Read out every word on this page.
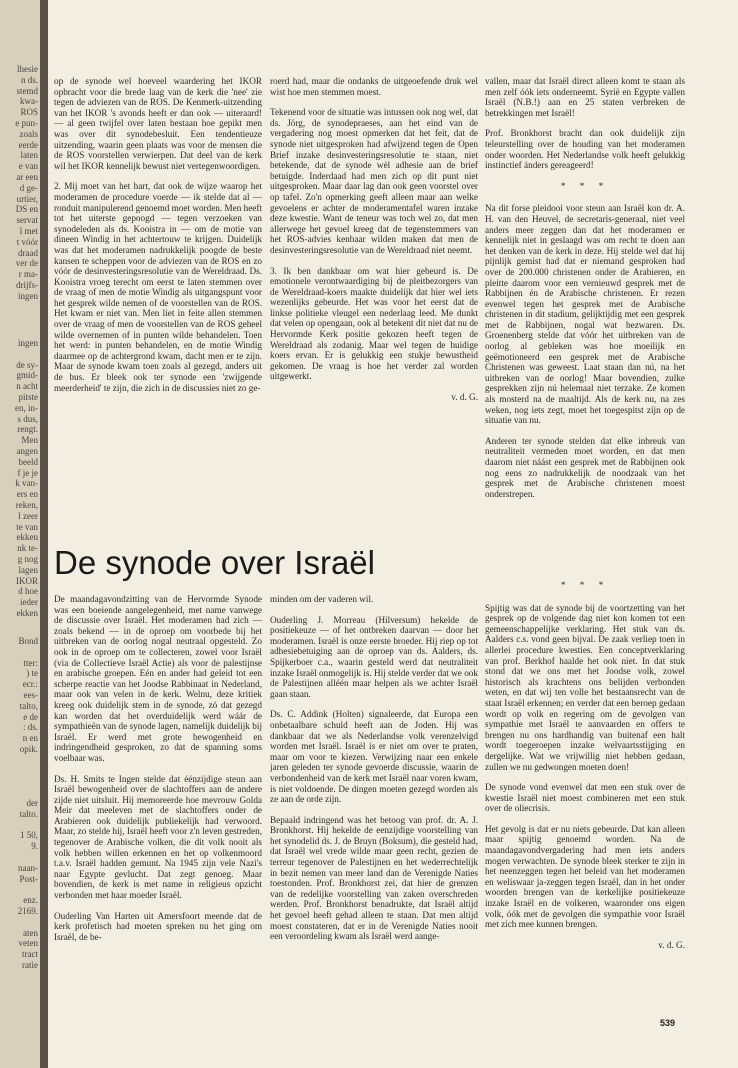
lhesie
n ds.
stemd
kwa-
ROS
e pun-
zoals
eerde
laten
e van
ar een
d ge-
urtier,
DS en
servat
l met
t vóór
draad
ver de
r ma-
drijfs-
ingen
ingen

de sy-
gmid-
n acht
pitste
en, in-
s dus,
rengt.
Men
angen
beeld
f je je
k van-
ers en
reken,
l zeer
te van
ekken
nk te-
g nog
lagen
IKOR
d hoe
ieder
ekken
Bond

tter:
) te
ecr.:
ees-
talto,
e de
: ds.
n en
opik.

der
talto.

1 50,
9.

naan-
Post-

enz.
2169.

aten
veten
tract
ratie

op de synode wel hoeveel waardering het IKOR opbracht voor die brede laag van de kerk die 'nee' zie tegen de adviezen van de ROS. De Kenmerk-uitzending van het IKOR 's avonds heeft er dan ook — uiteraard! — al geen twijfel over laten bestaan hoe gepikt men was over dit synodebesluit. Een tendentieuze uitzending, waarin geen plaats was voor de mensen die de ROS voorstellen verwierpen. Dat deel van de kerk wil het IKOR kennelijk bewust niet vertegenwoordigen.

2. Mij moet van het hart, dat ook de wijze waarop het moderamen de procedure voerde — ik stelde dat al — ronduit manipulerend genoemd moet worden. Men heeft tot het uiterste gepoogd — tegen verzoeken van synodeleden als ds. Kooistra in — om de motie van dineen Windig in het achtertouw te krijgen. Duidelijk was dat het moderamen nadrukkelijk poogde de beste kansen te scheppen voor de adviezen van de ROS en zo vóór de desinvesteringsresolutie van de Wereldraad. Ds. Kooistra vroeg terecht om eerst te laten stemmen over de vraag of men de motie Windig als uitgangspunt voor het gesprek wilde nemen of de voorstellen van de ROS. Het kwam er niet van. Men liet in feite allen stemmen over de vraag of men de voorstellen van de ROS geheel wilde overnemen of in punten wilde behandelen. Toen het werd: in punten behandelen, en de motie Windig daarmee op de achtergrond kwam, dacht men er te zijn. Maar de synode kwam toen zoals al gezegd, anders uit de bus. Er bleek ook ter synode een 'zwijgende meerderheid' te zijn, die zich in de discussies niet zo ge-

roerd had, maar die ondanks de uitgeoefende druk wel wist hoe men stemmen moest.

Tekenend voor de situatie was intussen ook nog wel, dat ds. Jörg, de synodepraeses, aan het eind van de vergadering nog moest opmerken dat het feit, dat de synode niet uitgesproken had afwijzend tegen de Open Brief inzake desinvesteringsresolutie te staan, niet betekende, dat de synode wèl adhesie aan de brief betuigde. Inderdaad had men zich op dit punt niet uitgesproken. Maar daar lag dan ook geen voorstel over op tafel. Zo'n opmerking geeft alleen maar aan welke gevoelens er achter de moderamentafel waren inzake deze kwestie. Want de teneur was toch wel zo, dat men allerwege het gevoel kreeg dat de tegenstemmers van het ROS-advies kenbaar wilden maken dat men de desinvesteringsresolutie van de Wereldraad niet neemt.

3. Ik ben dankbaar om wat hier gebeurd is. De emotionele verontwaardiging bij de pleitbezorgers van de Wereldraad-koers maakte duidelijk dat hier wel iets wezenlijks gebeurde. Het was voor het eerst dat de linkse politieke vleugel een nederlaag leed. Me dunkt dat velen op opengaan, ook al betekent dit niet dat nu de Hervormde Kerk positie gekozen heeft tegen de Wereldraad als zodanig. Maar wel tegen de huidige koers ervan. Er is gelukkig een stukje bewustheid gekomen. De vraag is hoe het verder zal worden uitgewerkt.

v. d. G.

vallen, maar dat Israël direct alleen komt te staan als men zelf óók iets onderneemt. Syrië en Egypte vallen Israël (N.B.!) aan en 25 staten verbreken de betrekkingen met Israël!

Prof. Bronkhorst bracht dan ook duidelijk zijn teleurstelling over de houding van het moderamen onder woorden. Het Nederlandse volk heeft gelukkig instinctief ánders gereageerd!

* * *

Na dit forse pleidooi voor steun aan Israël kon dr. A. H. van den Heuvel, de secretaris-generaal, niet veel anders meer zeggen dan dat het moderamen er kennelijk niet in geslaagd was om recht te doen aan het denken van de kerk in deze. Hij stelde wel dat hij pijnlijk gemist had dat er niemand gesproken had over de 200.000 christenen onder de Arabieren, en pleitte daarom voor een vernieuwd gesprek met de Rabbijnen én de Arabische christenen. Er rezen evenwel tegen het gesprek met de Arabische christenen in dit stadium, gelijktijdig met een gesprek met de Rabbijnen, nogal wat bezwaren. Ds. Groenenberg stelde dat vóór het uitbreken van de oorlog al gebleken was hoe moeilijk en geëmotioneerd een gesprek met de Arabische Christenen was geweest. Laat staan dan nú, na het uitbreken van de oorlog! Maar bovendien, zulke gesprekken zijn nú helemaal niet terzake. Ze komen als mosterd na de maaltijd. Als de kerk nu, na zes weken, nog iets zegt, moet het toegespitst zijn op de situatie van nu.

Anderen ter synode stelden dat elke inbreuk van neutraliteit vermeden moet worden, en dat men daarom niet náást een gesprek met de Rabbijnen ook nog eens zo nadrukkelijk de noodzaak van het gesprek met de Arabische christenen moest onderstrepen.

De synode over Israël

De maandagavondzitting van de Hervormde Synode was een boeiende aangelegenheid, met name vanwege de discussie over Israël. Het moderamen had zich — zoals bekend — in de oproep om voorbede bij het uitbreken van de oorlog nogal neutraal opgesteld. Zo ook in de oproep om te collecteren, zowel voor Israël (via de Collectieve Israël Actie) als voor de palestijnse en arabische groepen. Eén en ander had geleid tot een scherpe reactie van het Joodse Rabbinaat in Nederland, maar ook van velen in de kerk. Welnu, deze kritiek kreeg ook duidelijk stem in de synode, zó dat gezegd kan worden dat het overduidelijk werd wáár de sympathieën van de synode lagen, namelijk duidelijk bij Israël. Er werd met grote bewogenheid en indringendheid gesproken, zo dat de spanning soms voelbaar was.

Ds. H. Smits te Ingen stelde dat éénzijdige steun aan Israël bewogenheid over de slachtoffers aan de andere zijde niet uitsluit. Hij memoreerde hoe mevrouw Golda Meir dat meeleven met de slachtoffers onder de Arabieren ook duidelijk publiekelijk had verwoord. Maar, zo stelde hij, Israël heeft voor z'n leven gestreden, tegenover de Arabische volken, die dit volk nooit als volk hebben willen erkennen en het op volkenmoord t.a.v. Israël hadden gemunt. Na 1945 zijn vele Nazi's naar Egypte gevlucht. Dat zegt genoeg. Maar bovendien, de kerk is met name in religieus opzicht verbonden met haar moeder Israël.

Ouderling Van Harten uit Amersfoort meende dat de kerk profetisch had moeten spreken nu het ging om Israël, de be-

minden om der vaderen wil.

Ouderling J. Morreau (Hilversum) hekelde de positiekeuze — of het ontbreken daarvan — door het moderamen. Israël is onze eerste broeder. Hij riep op tot adhesiebetuiging aan de oproep van ds. Aalders, ds. Spijkerboer c.a., waarin gesteld werd dat neutraliteit inzake Israël onmogelijk is. Hij stelde verder dat we ook de Palestijnen alléén maar helpen als we achter Israël gaan staan.

Ds. C. Addink (Holten) signaleerde, dat Europa een onbetaalbare schuld heeft aan de Joden. Hij was dankbaar dat we als Nederlandse volk verenzelvigd worden met Israël. Israël is er niet om over te praten, maar om voor te kiezen. Verwijzing naar een enkele jaren geleden ter synode gevoerde discussie, waarin de verbondenheid van de kerk met Israël naar voren kwam, is niet voldoende. De dingen moeten gezegd worden als ze aan de orde zijn.

Bepaald indringend was het betoog van prof. dr. A. J. Bronkhorst. Hij hekelde de eenzijdige voorstelling van het synodelid ds. J. de Bruyn (Boksum), die gesteld had, dat Israël wel vrede wilde maar geen recht, gezien de terreur tegenover de Palestijnen en het wederrechtelijk in bezit nemen van meer land dan de Verenigde Naties toestonden. Prof. Bronkhorst zei, dat hier de grenzen van de redelijke voorstelling van zaken overschreden werden. Prof. Bronkhorst benadrukte, dat Israël altijd het gevoel heeft gehad alleen te staan. Dat men altijd moest constateren, dat er in de Verenigde Naties nooit een veroordeling kwam als Israël werd aange-

* * *

Spijtig was dat de synode bij de voortzetting van het gesprek op de volgende dag niet kon komen tot een gemeenschappelijke verklaring. Het stuk van ds. Aalders c.s. vond geen bijval. De zaak verliep toen in allerlei procedure kwesties. Een conceptverklaring van prof. Berkhof haalde het ook niet. In dat stuk stond dat we ons met het Joodse volk, zowel historisch als krachtens ons belijden verbonden weten, en dat wij ten volle het bestaansrecht van de staat Israël erkennen; en verder dat een beroep gedaan wordt op volk en regering om de gevolgen van sympathie met Israël te aanvaarden en offers te brengen nu ons hardhandig van buitenaf een halt wordt toegeroepen inzake welvaartsstijging en dergelijke. Wat we vrijwillig niet hebben gedaan, zullen we nu gedwongen moeten doen!

De synode vond evenwel dat men een stuk over de kwestie Israël niet moest combineren met een stuk over de oliecrisis.

Het gevolg is dat er nu niets gebeurde. Dat kan alleen maar spijtig genoemd worden. Na de maandagavondvergadering had men iets anders mogen verwachten. De synode bleek sterker te zijn in het neenzeggen tegen het beleid van het moderamen en weliswaar ja-zeggen tegen Israël, dan in het onder woorden brengen van de kerkelijke positiekeuze inzake Israël en de volkeren, waaronder ons eigen volk, óók met de gevolgen die sympathie voor Israël met zich mee kunnen brengen.

v. d. G.
539
